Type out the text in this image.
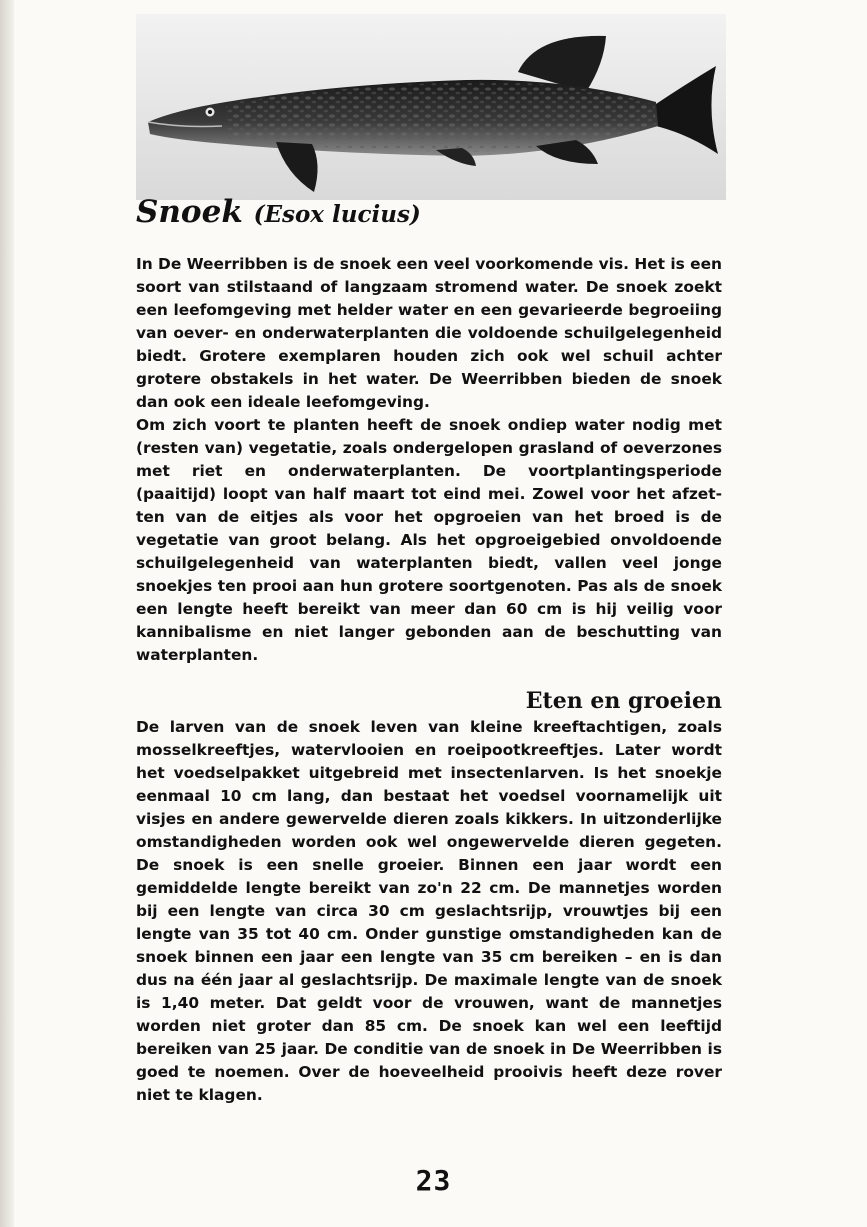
Snoek (Esox lucius)

In De Weerribben is de snoek een veel voorkomende vis. Het is een soort van stilstaand of langzaam stromend water. De snoek zoekt een leefomgeving met helder water en een gevarieerde begroeiing van oever- en onderwaterplanten die voldoende schuilgelegenheid biedt. Grotere exemplaren houden zich ook wel schuil achter grotere obstakels in het water. De Weerribben bieden de snoek dan ook een ideale leefomgeving.

Om zich voort te planten heeft de snoek ondiep water nodig met (resten van) vegetatie, zoals ondergelopen grasland of oeverzones met riet en onderwaterplanten. De voortplantingsperiode (paaitijd) loopt van half maart tot eind mei. Zowel voor het afzetten van de eitjes als voor het opgroeien van het broed is de vegetatie van groot belang. Als het opgroeigebied onvoldoende schuilgelegenheid van waterplanten biedt, vallen veel jonge snoekjes ten prooi aan hun grotere soortgenoten. Pas als de snoek een lengte heeft bereikt van meer dan 60 cm is hij veilig voor kannibalisme en niet langer gebonden aan de beschutting van waterplanten.

Eten en groeien

De larven van de snoek leven van kleine kreeftachtigen, zoals mosselkreeftjes, watervlooien en roeipootkreeftjes. Later wordt het voedselpakket uitgebreid met insectenlarven. Is het snoekje eenmaal 10 cm lang, dan bestaat het voedsel voornamelijk uit visjes en andere gewervelde dieren zoals kikkers. In uitzonderlijke omstandigheden worden ook wel ongewervelde dieren gegeten. De snoek is een snelle groeier. Binnen een jaar wordt een gemiddelde lengte bereikt van zo'n 22 cm. De mannetjes worden bij een lengte van circa 30 cm geslachtsrijp, vrouwtjes bij een lengte van 35 tot 40 cm. Onder gunstige omstandigheden kan de snoek binnen een jaar een lengte van 35 cm bereiken – en is dan dus na één jaar al geslachtsrijp. De maximale lengte van de snoek is 1,40 meter. Dat geldt voor de vrouwen, want de mannetjes worden niet groter dan 85 cm. De snoek kan wel een leeftijd bereiken van 25 jaar. De conditie van de snoek in De Weerribben is goed te noemen. Over de hoeveelheid prooivis heeft deze rover niet te klagen.

23
